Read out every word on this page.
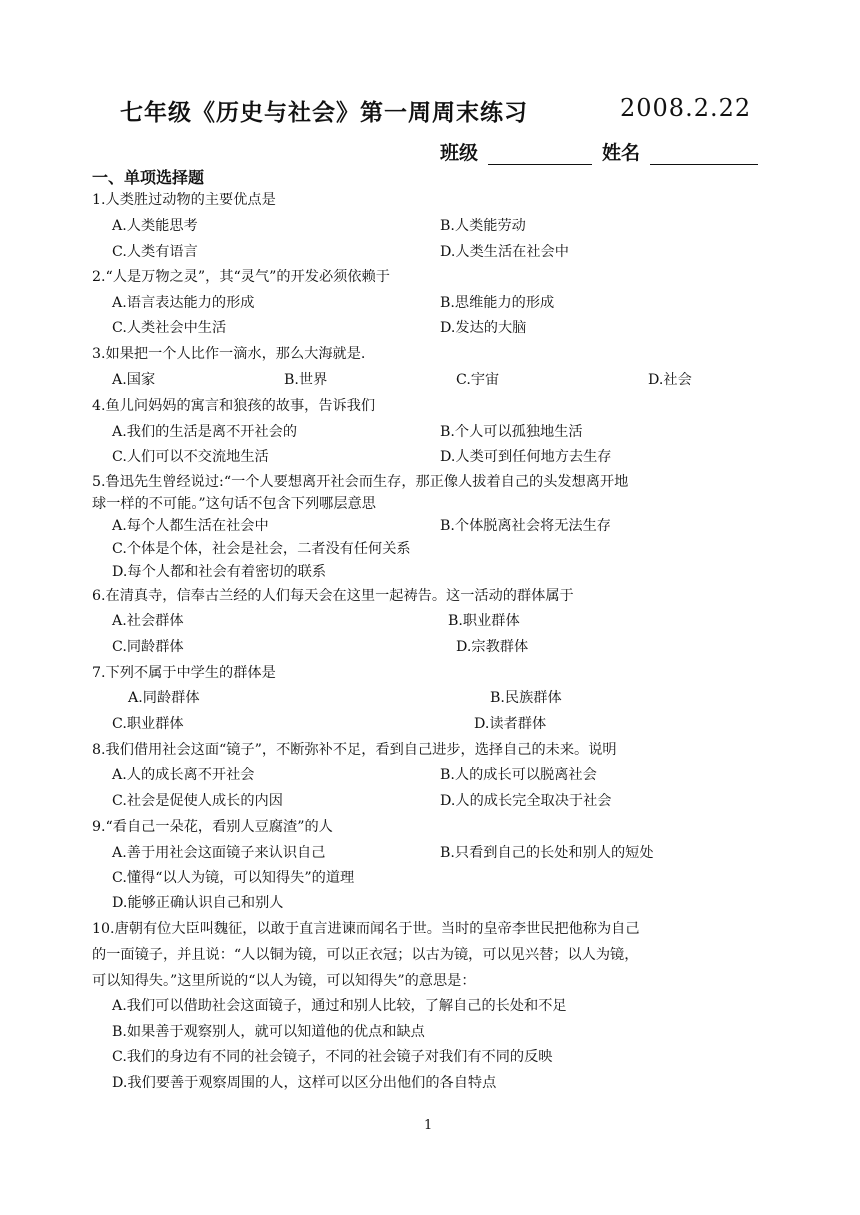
七年级《历史与社会》第一周周末练习	2008.2.22
班级	姓名
一、单项选择题
1.人类胜过动物的主要优点是
A.人类能思考	B.人类能劳动
C.人类有语言	D.人类生活在社会中
2.“人是万物之灵”，其“灵气”的开发必须依赖于
A.语言表达能力的形成	B.思维能力的形成
C.人类社会中生活	D.发达的大脑
3.如果把一个人比作一滴水，那么大海就是.
A.国家	B.世界	C.宇宙	D.社会
4.鱼儿问妈妈的寓言和狼孩的故事，告诉我们
A.我们的生活是离不开社会的	B.个人可以孤独地生活
C.人们可以不交流地生活	D.人类可到任何地方去生存
5.鲁迅先生曾经说过:“一个人要想离开社会而生存，那正像人拔着自己的头发想离开地
球一样的不可能。”这句话不包含下列哪层意思
A.每个人都生活在社会中	B.个体脱离社会将无法生存
C.个体是个体，社会是社会，二者没有任何关系
D.每个人都和社会有着密切的联系
6.在清真寺，信奉古兰经的人们每天会在这里一起祷告。这一活动的群体属于
A.社会群体	B.职业群体
C.同龄群体	D.宗教群体
7.下列不属于中学生的群体是
A.同龄群体	B.民族群体
C.职业群体	D.读者群体
8.我们借用社会这面“镜子”，不断弥补不足，看到自己进步，选择自己的未来。说明
A.人的成长离不开社会	B.人的成长可以脱离社会
C.社会是促使人成长的内因	D.人的成长完全取决于社会
9.“看自己一朵花，看别人豆腐渣”的人
A.善于用社会这面镜子来认识自己	B.只看到自己的长处和别人的短处
C.懂得“以人为镜，可以知得失”的道理
D.能够正确认识自己和别人
10.唐朝有位大臣叫魏征，以敢于直言进谏而闻名于世。当时的皇帝李世民把他称为自己
的一面镜子，并且说：“人以铜为镜，可以正衣冠；以古为镜，可以见兴替；以人为镜，
可以知得失。”这里所说的“以人为镜，可以知得失”的意思是：
A.我们可以借助社会这面镜子，通过和别人比较，了解自己的长处和不足
B.如果善于观察别人，就可以知道他的优点和缺点
C.我们的身边有不同的社会镜子，不同的社会镜子对我们有不同的反映
D.我们要善于观察周围的人，这样可以区分出他们的各自特点
1
